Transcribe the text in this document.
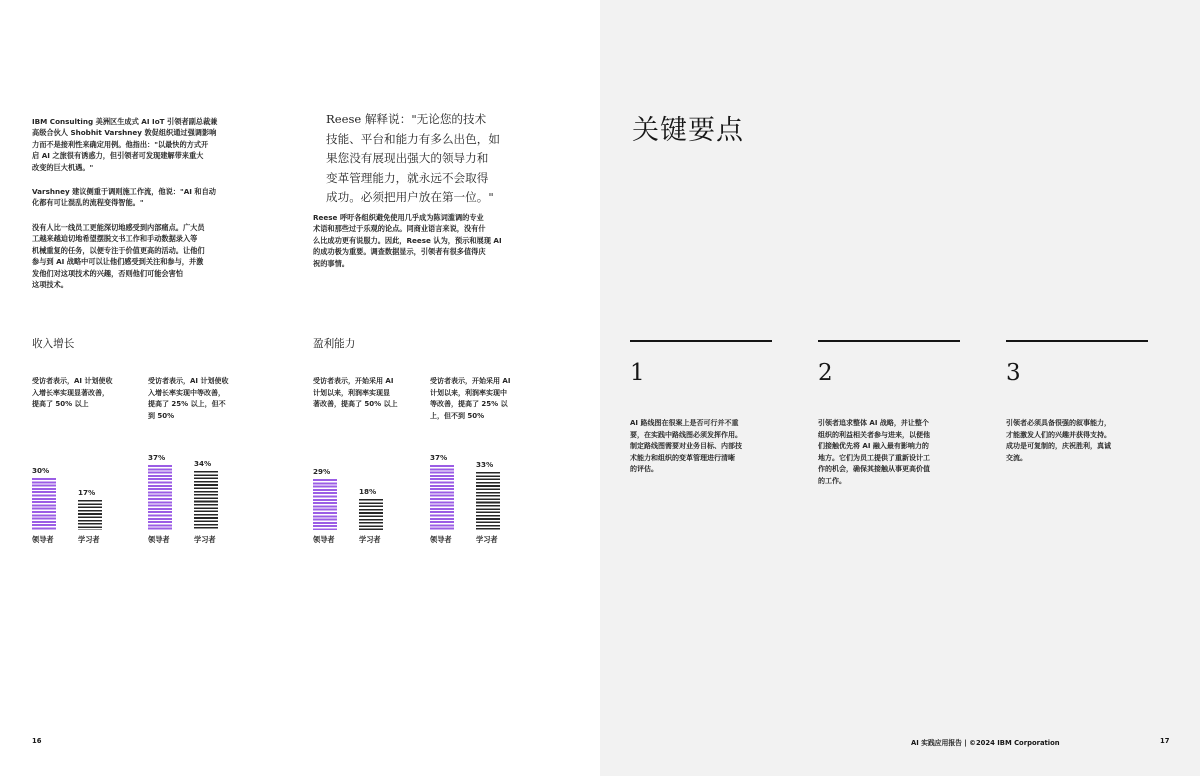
IBM Consulting 美洲区生成式 AI IoT 引领者副总裁兼
高级合伙人 Shobhit Varshney 敦促组织通过强调影响
力而不是接利性来确定用例。他指出："以最快的方式开
启 AI 之旅很有诱惑力，但引领者可发现建解带来重大
改变的巨大机遇。"
Varshney 建议侧重于调则施工作流，他说："AI 和自动
化都有可让混乱的流程变得智能。"
没有人比一线员工更能深切地感受到内部痛点。广大员
工越来越迫切地希望摆脱文书工作和手动数据录入等
机械重复的任务，以便专注于价值更高的活动。让他们
参与到 AI 战略中可以让他们感受到关注和参与，并激
发他们对这项技术的兴趣，否则他们可能会害怕
这项技术。
Reese 解释说："无论您的技术
技能、平台和能力有多么出色，如
果您没有展现出强大的领导力和
变革管理能力，就永远不会取得
成功。必须把用户放在第一位。"
Reese 呼吁各组织避免使用几乎成为陈词滥调的专业
术语和那些过于乐观的论点。同商业语言来说，没有什
么比成功更有说服力。因此，Reese 认为，预示和展现 AI
的成功极为重要。调查数据显示，引领者有很多值得庆
祝的事情。
收入增长	盈利能力
受访者表示，AI 计划使收
入增长率实现显著改善，
提高了 50% 以上
受访者表示，AI 计划使收
入增长率实现中等改善，
提高了 25% 以上，但不
到 50%
受访者表示，开始采用 AI
计划以来，利润率实现显
著改善，提高了 50% 以上
受访者表示，开始采用 AI
计划以来，利润率实现中
等改善，提高了 25% 以
上，但不到 50%
30%
领导者
17%
学习者
37%
领导者
34%
学习者
29%
领导者
18%
学习者
37%
领导者
33%
学习者
关键要点
1	2	3
AI 路线图在很案上是否可行并不重
要，在实践中路线图必须发挥作用。
制定路线图需要对业务目标、内部技
术能力和组织的变革管理进行清晰
的评估。
引领者追求整体 AI 战略，并让整个
组织的利益相关者参与进来，以便他
们接触优先将 AI 融入最有影响力的
地方。它们为员工提供了重新设计工
作的机会，确保其接触从事更高价值
的工作。
引领者必须具备很强的叙事能力，
才能激发人们的兴趣并获得支持。
成功是可复制的，庆祝胜利，真诚
交流。
AI 实践应用报告 | ©2024 IBM Corporation	17
16
